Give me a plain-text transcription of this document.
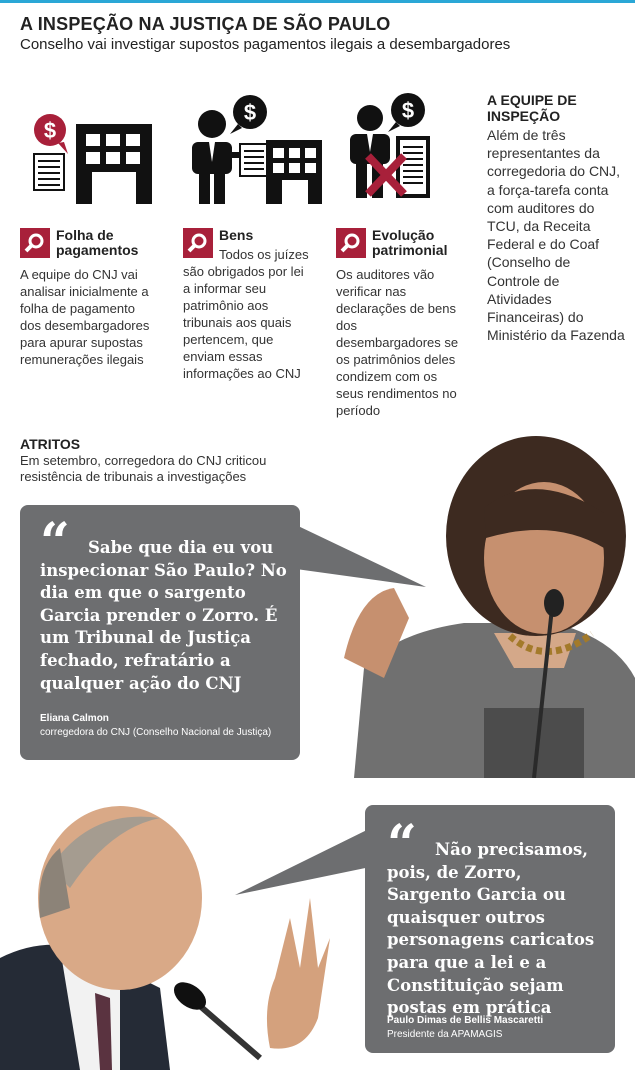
A INSPEÇÃO NA JUSTIÇA DE SÃO PAULO
Conselho vai investigar supostos pagamentos ilegais a desembargadores
$
$	$
Folha de pagamentos

A equipe do CNJ vai analisar inicialmente a folha de pagamento dos desembargadores para apurar supostas remunerações ilegais

Bens

Todos os juízes são obrigados por lei a informar seu patrimônio aos tribunais aos quais pertencem, que enviam essas informações ao CNJ

Evolução patrimonial

Os auditores vão verificar nas declarações de bens dos desembargadores se os patrimônios deles condizem com os seus rendimentos no período

A EQUIPE DE INSPEÇÃO

Além de três representantes da corregedoria do CNJ, a força-tarefa conta com auditores do TCU, da Receita Federal e do Coaf (Conselho de Controle de Atividades Financeiras) do Ministério da Fazenda

ATRITOS

Em setembro, corregedora do CNJ criticou resistência de tribunais a investigações

“	Sabe que dia eu vou inspecionar São Paulo? No dia em que o sargento Garcia prender o Zorro. É um Tribunal de Justiça fechado, refratário a qualquer ação do CNJ

Eliana Calmon
corregedora do CNJ (Conselho Nacional de Justiça)
“	Não precisamos, pois, de Zorro, Sargento Garcia ou quaisquer outros personagens caricatos para que a lei e a Constituição sejam postas em prática

Paulo Dimas de Bellis Mascaretti
Presidente da APAMAGIS
